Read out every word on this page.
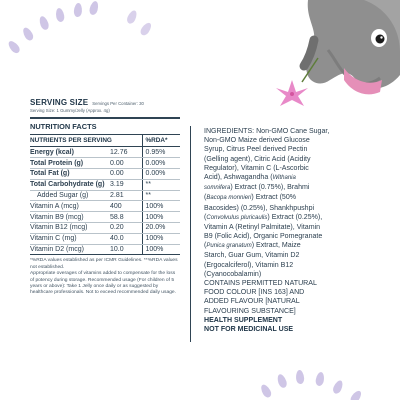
SERVING SIZE Servings Per Container: 30
Serving Size: 1 Gummy/Jelly (Approx. 4g)
NUTRITION FACTS
NUTRIENTS PER SERVING		%RDA*
Energy (kcal)	12.76	0.95%
Total Protein (g)	0.00	0.00%
Total Fat (g)	0.00	0.00%
Total Carbohydrate (g)	3.19	**
Added Sugar (g)	2.81	**
Vitamin A (mcg)	400	100%
Vitamin B9 (mcg)	58.8	100%
Vitamin B12 (mcg)	0.20	20.0%
Vitamin C (mg)	40.0	100%
Vitamin D2 (mcg)	10.0	100%
*%RDA values established as per ICMR Guidelines. **%RDA values not established.
Appropriate overages of vitamins added to compensate for the loss of potency during storage. Recommended usage (For children of 5 years or above): Take 1 Jelly once daily or as suggested by healthcare professionals. Not to exceed recommended daily usage.
INGREDIENTS: Non-GMO Cane Sugar,
Non-GMO Maize derived Glucose
Syrup, Citrus Peel derived Pectin
(Gelling agent), Citric Acid (Acidity
Regulator), Vitamin C (L-Ascorbic
Acid), Ashwagandha (Withania
somnifera) Extract (0.75%), Brahmi
(Bacopa monnieri) Extract (50%
Bacosides) (0.25%), Shankhpushpi
(Convolvulus pluricaulis) Extract (0.25%),
Vitamin A (Retinyl Palmitate), Vitamin
B9 (Folic Acid), Organic Pomegranate
(Punica granatum) Extract, Maize
Starch, Guar Gum, Vitamin D2
(Ergocalciferol), Vitamin B12
(Cyanocobalamin)
CONTAINS PERMITTED NATURAL
FOOD COLOUR [INS 163] AND
ADDED FLAVOUR [NATURAL
FLAVOURING SUBSTANCE]
HEALTH SUPPLEMENT
NOT FOR MEDICINAL USE
